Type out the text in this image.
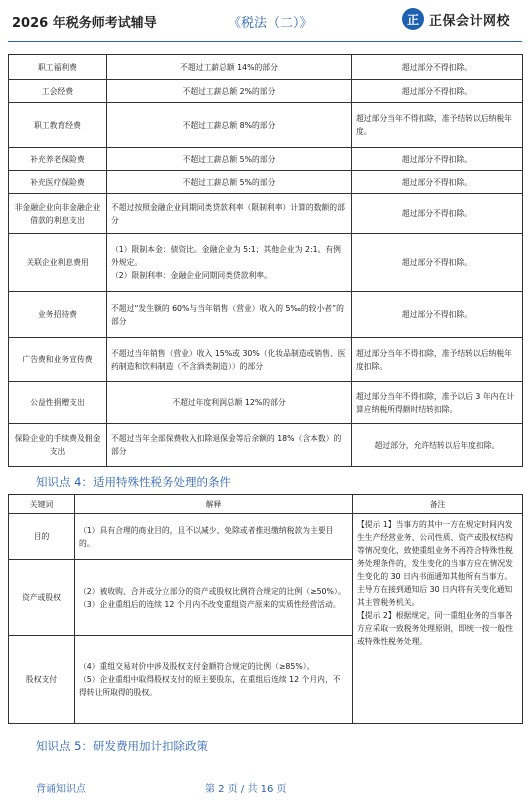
2026 年税务师考试辅导	《税法（二）》	正 正保会计网校
职工福利费	不超过工薪总额 14%的部分	超过部分不得扣除。
工会经费	不超过工薪总额 2%的部分	超过部分不得扣除。
职工教育经费	不超过工薪总额 8%的部分	超过部分当年不得扣除，准予结转以后纳税年度。
补充养老保险费	不超过工薪总额 5%的部分	超过部分不得扣除。
补充医疗保险费	不超过工薪总额 5%的部分	超过部分不得扣除。
非金融企业向非金融企业借款的利息支出	不超过按照金融企业同期同类贷款利率（限制利率）计算的数额的部分	超过部分不得扣除。
关联企业利息费用	（1）限制本金：债资比。金融企业为 5:1；其他企业为 2:1。有例外规定。
（2）限制利率：金融企业同期同类贷款利率。	超过部分不得扣除。
业务招待费	不超过“发生额的 60%与当年销售（营业）收入的 5‰的较小者”的部分	超过部分不得扣除。
广告费和业务宣传费	不超过当年销售（营业）收入 15%或 30%（化妆品制造或销售、医药制造和饮料制造（不含酒类制造））的部分	超过部分当年不得扣除，准予结转以后纳税年度扣除。
公益性捐赠支出	不超过年度利润总额 12%的部分	超过部分当年不得扣除，准予以后 3 年内在计算应纳税所得额时结转扣除。
保险企业的手续费及佣金支出	不超过当年全部保费收入扣除退保金等后余额的 18%（含本数）的部分	超过部分，允许结转以后年度扣除。
知识点 4：适用特殊性税务处理的条件
关键词	解释	备注
目的	（1）具有合理的商业目的，且不以减少、免除或者推迟缴纳税款为主要目的。	【提示 1】当事方的其中一方在规定时间内发生生产经营业务、公司性质、资产或股权结构等情况变化，致使重组业务不再符合特殊性税务处理条件的，发生变化的当事方应在情况发生变化的 30 日内书面通知其他所有当事方。主导方在接到通知后 30 日内将有关变化通知其主管税务机关。

【提示 2】根据规定，同一重组业务的当事各方应采取一致税务处理原则，即统一按一般性或特殊性税务处理。

资产或股权	（2）被收购、合并或分立部分的资产或股权比例符合规定的比例（≥50%）。

（3）企业重组后的连续 12 个月内不改变重组资产原来的实质性经营活动。	

股权支付	（4）重组交易对价中涉及股权支付金额符合规定的比例（≥85%）。

（5）企业重组中取得股权支付的原主要股东，在重组后连续 12 个月内，不得转让所取得的股权。	

知识点 5：研发费用加计扣除政策
背诵知识点	第 2 页 / 共 16 页
